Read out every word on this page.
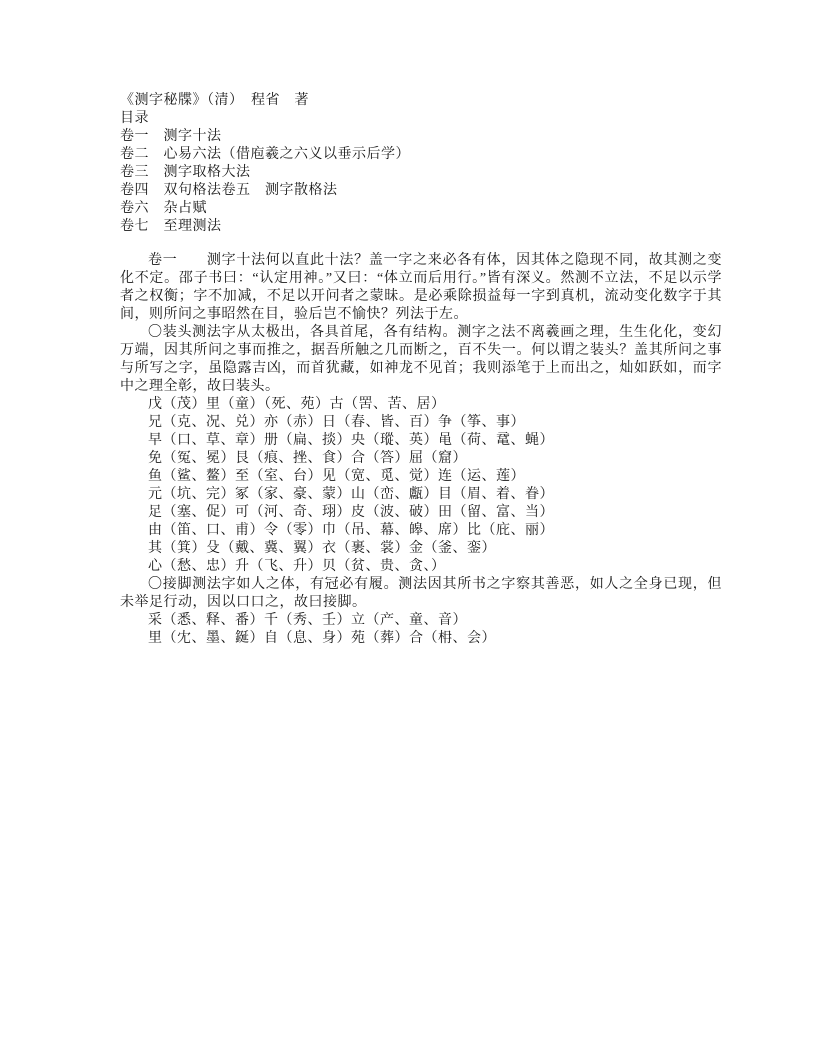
《测字秘牒》（清）　程省　著

目录

卷一　测字十法

卷二　心易六法（借庖羲之六义以垂示后学）

卷三　测字取格大法

卷四　双句格法卷五　测字散格法

卷六　杂占赋

卷七　至理测法

卷一　　测字十法何以直此十法？盖一字之来必各有体，因其体之隐现不同，故其测之变化不定。邵子书曰：“认定用神。”又曰：“体立而后用行。”皆有深义。然测不立法，不足以示学者之权衡；字不加减，不足以开问者之蒙昧。是必乘除损益每一字到真机，流动变化数字于其间，则所问之事昭然在目，验后岂不愉快？列法于左。

〇装头测法字从太极出，各具首尾，各有结构。测字之法不离羲画之理，生生化化，变幻万端，因其所问之事而推之，据吾所触之几而断之，百不失一。何以谓之装头？盖其所问之事与所写之字，虽隐露吉凶，而首犹藏，如神龙不见首；我则添笔于上而出之，灿如跃如，而字中之理全彰，故曰装头。

戊（茂）里（童）（死、苑）古（罟、苦、居）

兄（克、况、兑）亦（赤）日（春、皆、百）争（筝、事）

早（口、草、章）册（扁、掞）央（瑽、英）黾（荷、鼋、蝇）

免（冤、冕）艮（痕、挫、食）合（答）屈（窟）

鱼（鲨、鳌）至（室、台）见（宽、觅、觉）连（运、莲）

元（坑、完）冢（家、豪、蒙）山（峦、甗）目（眉、着、眷）

足（塞、促）可（河、奇、珝）皮（波、破）田（留、富、当）

由（笛、口、甫）令（零）巾（吊、幕、皞、席）比（庇、丽）

其（箕）殳（戴、冀、翼）衣（裹、裳）金（釜、銮）

心（愁、忠）升（飞、升）贝（贫、贵、贪、）

〇接脚测法字如人之体，有冠必有履。测法因其所书之字察其善恶，如人之全身已现，但未举足行动，因以口口之，故曰接脚。

采（悉、释、番）千（秀、壬）立（产、童、音）

里（冘、墨、鋋）自（息、身）苑（葬）合（枏、会）
